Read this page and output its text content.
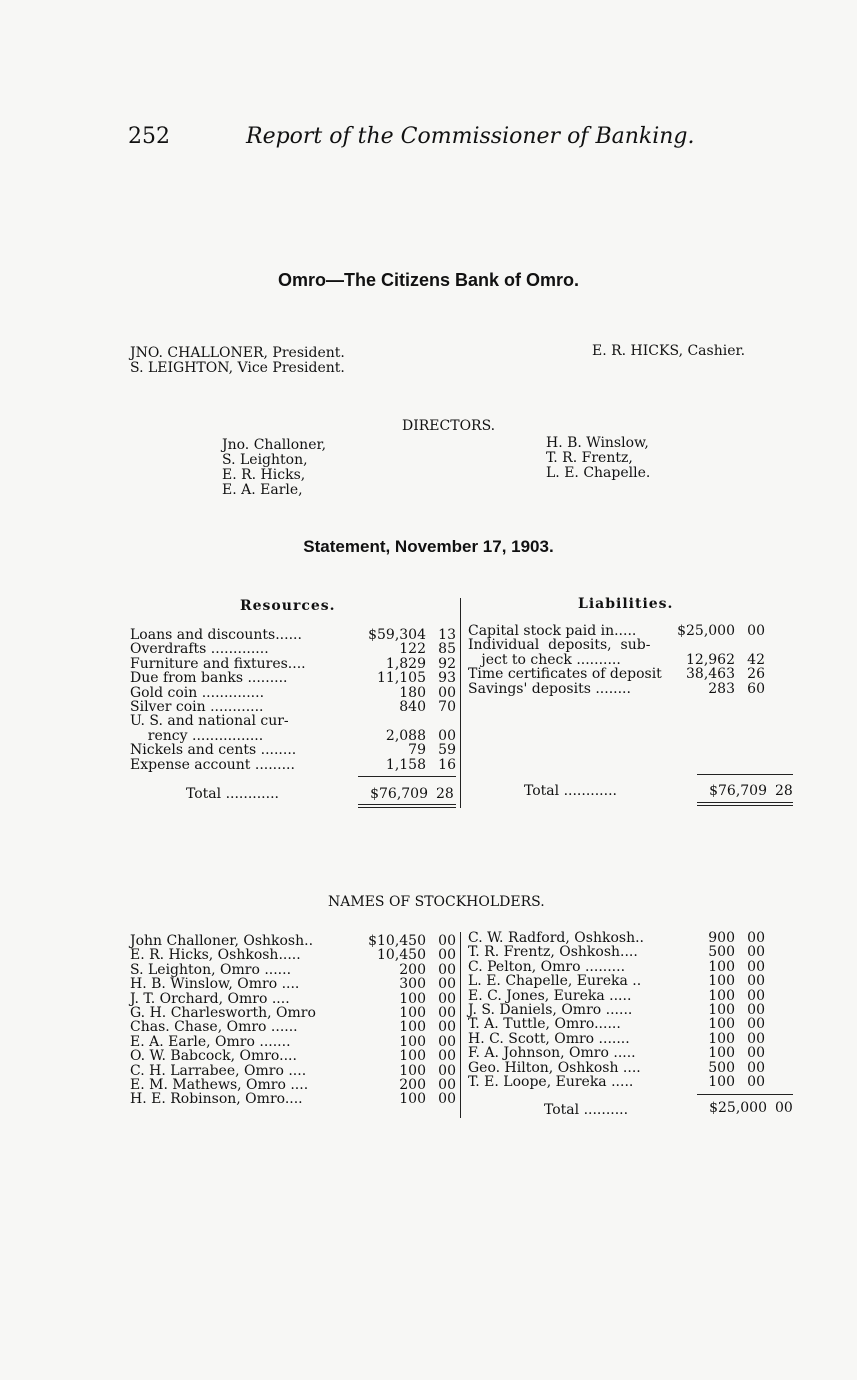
252	Report of the Commissioner of Banking.
Omro—The Citizens Bank of Omro.
JNO. CHALLONER, President.
S. LEIGHTON, Vice President.
E. R. HICKS, Cashier.
DIRECTORS.
Jno. Challoner,
S. Leighton,
E. R. Hicks,
E. A. Earle,
H. B. Winslow,
T. R. Frentz,
L. E. Chapelle.
Statement, November 17, 1903.
Resources.	Liabilities.
Loans and discounts......	$59,304 13
Overdrafts .............	122 85
Furniture and fixtures....	1,829 92
Due from banks .........	11,105 93
Gold coin ..............	180 00
Silver coin ............	840 70
U. S. and national cur-
rency ................	2,088 00
Nickels and cents ........	79 59
Expense account .........	1,158 16
Total ............	$76,709 28
Capital stock paid in.....	$25,000 00
Individual  deposits,  sub-
ject to check ..........	12,962 42
Time certificates of deposit 38,463 26
Savings' deposits ........	283 60
Total ............	$76,709 28
NAMES OF STOCKHOLDERS.
John Challoner, Oshkosh..	$10,450 00
E. R. Hicks, Oshkosh.....	10,450 00
S. Leighton, Omro ......	200 00
H. B. Winslow, Omro ....	300 00
J. T. Orchard, Omro ....	100 00
G. H. Charlesworth, Omro	100 00
Chas. Chase, Omro ......	100 00
E. A. Earle, Omro .......	100 00
O. W. Babcock, Omro....	100 00
C. H. Larrabee, Omro ....	100 00
E. M. Mathews, Omro ....	200 00
H. E. Robinson, Omro....	100 00
C. W. Radford, Oshkosh..	900 00
T. R. Frentz, Oshkosh....	500 00
C. Pelton, Omro .........	100 00
L. E. Chapelle, Eureka ..	100 00
E. C. Jones, Eureka .....	100 00
J. S. Daniels, Omro ......	100 00
T. A. Tuttle, Omro......	100 00
H. C. Scott, Omro .......	100 00
F. A. Johnson, Omro .....	100 00
Geo. Hilton, Oshkosh ....	500 00
T. E. Loope, Eureka .....	100 00
Total ..........	$25,000 00
